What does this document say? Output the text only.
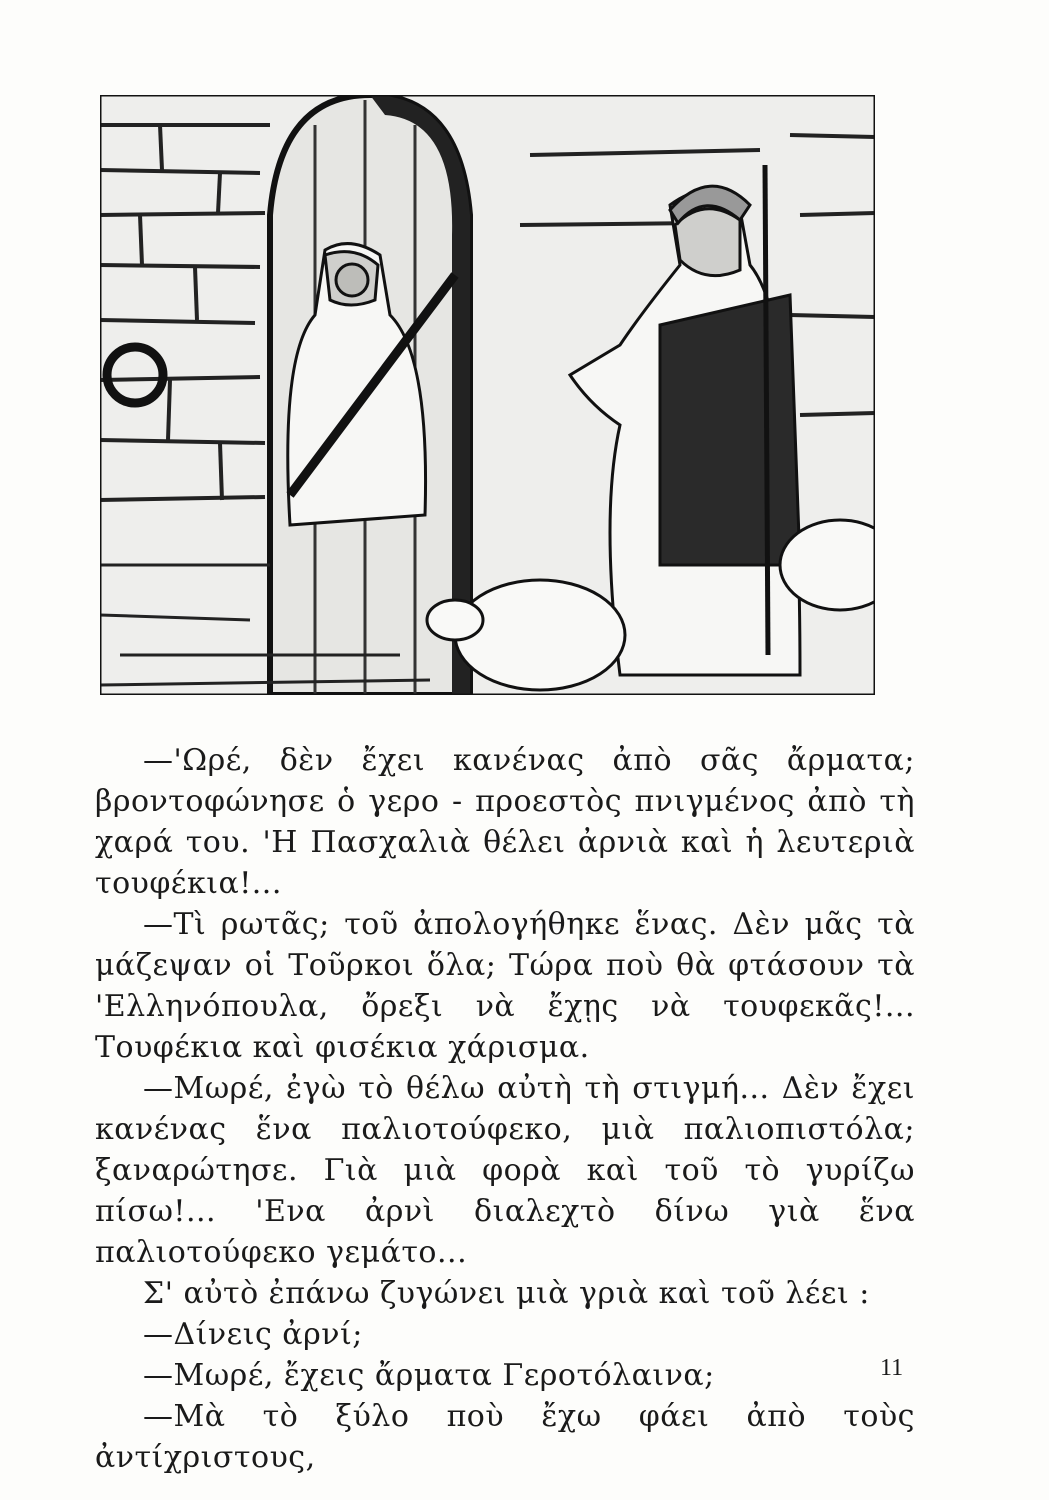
—'Ωρέ, δὲν ἔχει κανένας ἀπὸ σᾶς ἄρματα; βροντοφώνησε ὁ γερο - προεστὸς πνιγμένος ἀπὸ τὴ χαρά του. 'Η Πασχαλιὰ θέλει ἀρνιὰ καὶ ἡ λευτεριὰ τουφέκια!...

—Τὶ ρωτᾶς; τοῦ ἀπολογήθηκε ἕνας. Δὲν μᾶς τὰ μάζεψαν οἱ Τοῦρκοι ὅλα; Τώρα ποὺ θὰ φτάσουν τὰ 'Ελληνόπουλα, ὄρεξι νὰ ἔχῃς νὰ τουφεκᾶς!... Τουφέκια καὶ φισέκια χάρισμα.

—Μωρέ, ἐγὼ τὸ θέλω αὐτὴ τὴ στιγμή... Δὲν ἔχει κανένας ἕνα παλιοτούφεκο, μιὰ παλιοπιστόλα; ξαναρώτησε. Γιὰ μιὰ φορὰ καὶ τοῦ τὸ γυρίζω πίσω!... 'Ενα ἀρνὶ διαλεχτὸ δίνω γιὰ ἕνα παλιοτούφεκο γεμάτο...

Σ' αὐτὸ ἐπάνω ζυγώνει μιὰ γριὰ καὶ τοῦ λέει :

—Δίνεις ἀρνί;

—Μωρέ, ἔχεις ἄρματα Γεροτόλαινα;

—Μὰ τὸ ξύλο ποὺ ἔχω φάει ἀπὸ τοὺς ἀντίχριστους,

11
